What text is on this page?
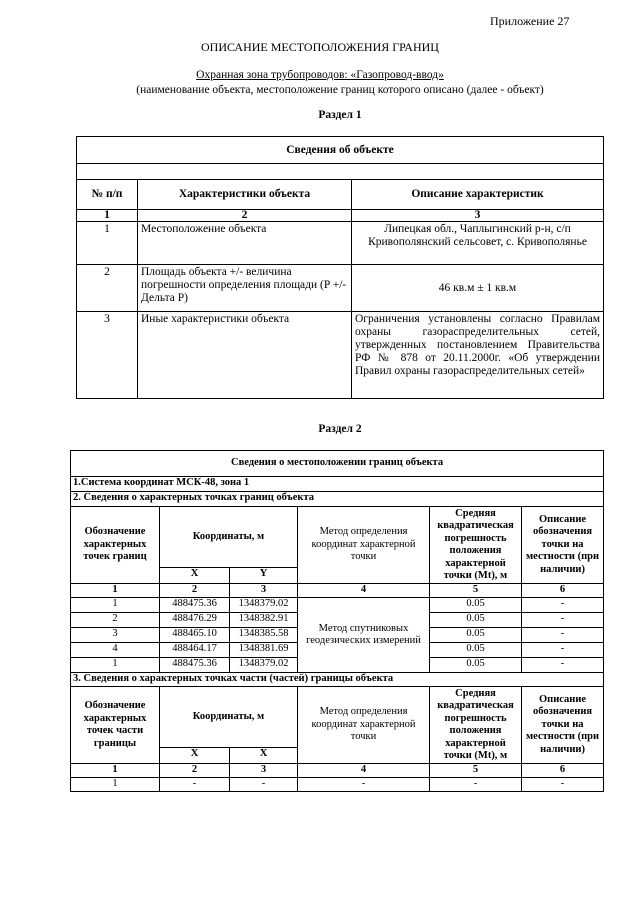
Приложение 27
ОПИСАНИЕ МЕСТОПОЛОЖЕНИЯ ГРАНИЦ
Охранная зона трубопроводов: «Газопровод-ввод»
(наименование объекта, местоположение границ которого описано (далее - объект)
Раздел 1
Сведения об объекте		

№ п/п	Характеристики объекта	Описание характеристик
1	2	3
1	Местоположение объекта	Липецкая обл., Чаплыгинский р-н, с/п Кривополянский сельсовет, с. Кривополянье
2	Площадь объекта +/- величина погрешности определения площади (P +/- Дельта P)	46 кв.м ± 1 кв.м
3	Иные характеристики объекта	Ограничения установлены согласно Правилам охраны газораспределительных сетей, утвержденных постановлением Правительства РФ № 878 от 20.11.2000г. «Об утверждении Правил охраны газораспределительных сетей»
Раздел 2
Сведения о местоположении границ объекта					
1.Система координат МСК-48, зона 1					
2. Сведения о характерных точках границ объекта					
Обозначение характерных точек границ	Координаты, м		Метод определения координат характерной точки	Средняя квадратическая погрешность положения характерной точки (Mt), м	Описание обозначения точки на местности (при наличии)
	X	Y			
1	2	3	4	5	6
1	488475.36	1348379.02	Метод спутниковых геодезических измерений	0.05	-
2	488476.29	1348382.91		0.05	-
3	488465.10	1348385.58		0.05	-
4	488464.17	1348381.69		0.05	-
1	488475.36	1348379.02		0.05	-
3. Сведения о характерных точках части (частей) границы объекта					
Обозначение характерных точек части границы	Координаты, м		Метод определения координат характерной точки	Средняя квадратическая погрешность положения характерной точки (Mt), м	Описание обозначения точки на местности (при наличии)
	X	X			
1	2	3	4	5	6
1	-	-	-	-	-
